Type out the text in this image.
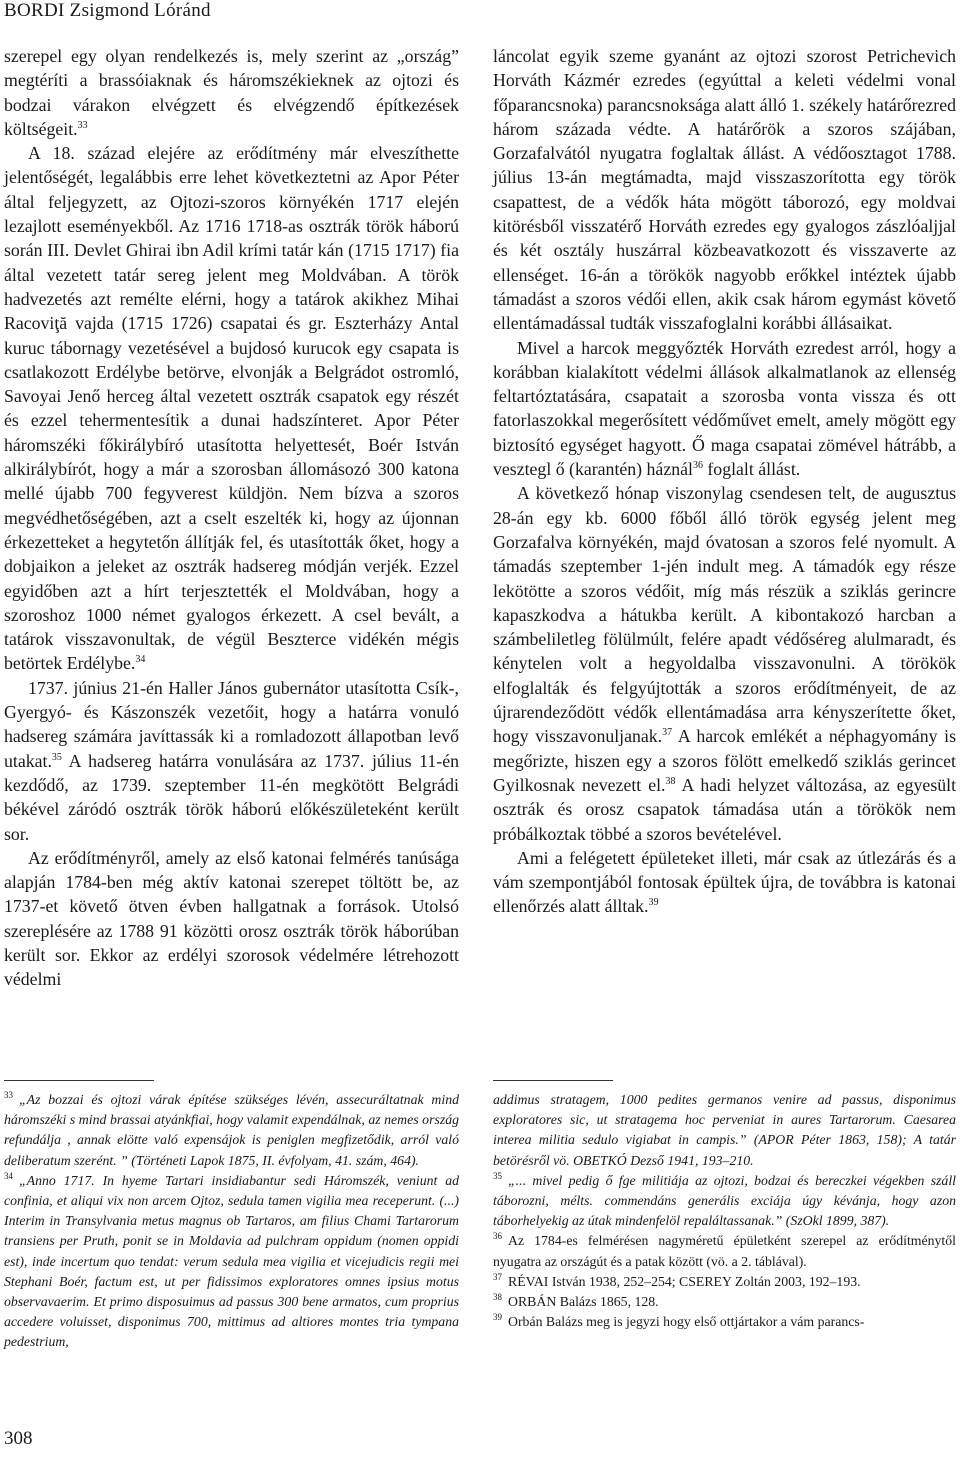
BORDI Zsigmond Lóránd

szerepel egy olyan rendelkezés is, mely szerint az „ország” megtéríti a brassóiaknak és háromszékieknek az ojtozi és bodzai várakon elvégzett és elvégzendő építkezések költségeit.$^{33}$

A 18. század elejére az erődítmény már elveszíthette jelentőségét, legalábbis erre lehet következtetni az Apor Péter által feljegyzett, az Ojtozi-szoros környékén 1717 elején lezajlott eseményekből. Az 1716 1718-as osztrák török háború során III. Devlet Ghirai ibn Adil krími tatár kán (1715 1717) fia által vezetett tatár sereg jelent meg Moldvában. A török hadvezetés azt remélte elérni, hogy a tatárok akikhez Mihai Racoviţă vajda (1715 1726) csapatai és gr. Eszterházy Antal kuruc tábornagy vezetésével a bujdosó kurucok egy csapata is csatlakozott Erdélybe betörve, elvonják a Belgrádot ostromló, Savoyai Jenő herceg által vezetett osztrák csapatok egy részét és ezzel tehermentesítik a dunai hadszínteret. Apor Péter háromszéki főkirálybíró utasította helyettesét, Boér István alkirálybírót, hogy a már a szorosban állomásozó 300 katona mellé újabb 700 fegyverest küldjön. Nem bízva a szoros megvédhetőségében, azt a cselt eszelték ki, hogy az újonnan érkezetteket a hegytetőn állítják fel, és utasították őket, hogy a dobjaikon a jeleket az osztrák hadsereg módján verjék. Ezzel egyidőben azt a hírt terjesztették el Moldvában, hogy a szoroshoz 1000 német gyalogos érkezett. A csel bevált, a tatárok visszavonultak, de végül Beszterce vidékén mégis betörtek Erdélybe.$^{34}$

1737. június 21-én Haller János gubernátor utasította Csík-, Gyergyó- és Kászonszék vezetőit, hogy a határra vonuló hadsereg számára javíttassák ki a romladozott állapotban levő utakat.$^{35}$ A hadsereg határra vonulására az 1737. július 11-én kezdődő, az 1739. szeptember 11-én megkötött Belgrádi békével záródó osztrák török háború előkészületeként került sor.

Az erődítményről, amely az első katonai felmérés tanúsága alapján 1784-ben még aktív katonai szerepet töltött be, az 1737-et követő ötven évben hallgatnak a források. Utolsó szereplésére az 1788 91 közötti orosz osztrák török háborúban került sor. Ekkor az erdélyi szorosok védelmére létrehozott védelmi

láncolat egyik szeme gyanánt az ojtozi szorost Petrichevich Horváth Kázmér ezredes (egyúttal a keleti védelmi vonal főparancsnoka) parancsnoksága alatt álló 1. székely határőrezred három százada védte. A határőrök a szoros szájában, Gorzafalvától nyugatra foglaltak állást. A védőosztagot 1788. július 13-án megtámadta, majd visszaszorította egy török csapattest, de a védők háta mögött táborozó, egy moldvai kitörésből visszatérő Horváth ezredes egy gyalogos zászlóaljjal és két osztály huszárral közbeavatkozott és visszaverte az ellenséget. 16-án a törökök nagyobb erőkkel intéztek újabb támadást a szoros védői ellen, akik csak három egymást követő ellentámadással tudták visszafoglalni korábbi állásaikat.

Mivel a harcok meggyőzték Horváth ezredest arról, hogy a korábban kialakított védelmi állások alkalmatlanok az ellenség feltartóztatására, csapatait a szorosba vonta vissza és ott fatorlaszokkal megerősített védőművet emelt, amely mögött egy biztosító egységet hagyott. Ő maga csapatai zömével hátrább, a vesztegl ő (karantén) háznál$^{36}$ foglalt állást.

A következő hónap viszonylag csendesen telt, de augusztus 28-án egy kb. 6000 főből álló török egység jelent meg Gorzafalva környékén, majd óvatosan a szoros felé nyomult. A támadás szeptember 1-jén indult meg. A támadók egy része lekötötte a szoros védőit, míg más részük a sziklás gerincre kapaszkodva a hátukba került. A kibontakozó harcban a számbeliletleg fölülmúlt, felére apadt védőséreg alulmaradt, és kénytelen volt a hegyoldalba visszavonulni. A törökök elfoglalták és felgyújtották a szoros erődítményeit, de az újrarendeződött védők ellentámadása arra kényszerítette őket, hogy visszavonuljanak.$^{37}$ A harcok emlékét a néphagyomány is megőrizte, hiszen egy a szoros fölött emelkedő sziklás gerincet Gyilkosnak nevezett el.$^{38}$ A hadi helyzet változása, az egyesült osztrák és orosz csapatok támadása után a törökök nem próbálkoztak többé a szoros bevételével.

Ami a felégetett épületeket illeti, már csak az útlezárás és a vám szempontjából fontosak épültek újra, de továbbra is katonai ellenőrzés alatt álltak.$^{39}$

$^{33}$ „Az bozzai és ojtozi várak építése szükséges lévén, assecuráltatnak mind háromszéki s mind brassai atyánkfiai, hogy valamit expendálnak, az nemes ország refundálja , annak elötte való expensájok is peniglen megfizetődik, arról való deliberatum szerént. ” (Történeti Lapok 1875, II. évfolyam, 41. szám, 464).

$^{34}$ „Anno 1717. In hyeme Tartari insidiabantur sedi Háromszék, veniunt ad confinia, et aliqui vix non arcem Ojtoz, sedula tamen vigilia mea receperunt. (...) Interim in Transylvania metus magnus ob Tartaros, am filius Chami Tartarorum transiens per Pruth, ponit se in Moldavia ad pulchram oppidum (nomen oppidi est), inde incertum quo tendat: verum sedula mea vigilia et vicejudicis regii mei Stephani Boér, factum est, ut per fidissimos exploratores omnes ipsius motus observavaerim. Et primo disposuimus ad passus 300 bene armatos, cum proprius accedere voluisset, disponimus 700, mittimus ad altiores montes tria tympana pedestrium,

addimus stratagem, 1000 pedites germanos venire ad passus, disponimus exploratores sic, ut stratagema hoc perveniat in aures Tartarorum. Caesarea interea militia sedulo vigiabat in campis.” (APOR Péter 1863, 158); A tatár betörésről vö. OBETKÓ Dezső 1941, 193–210.

$^{35}$ „... mivel pedig ő fge militiája az ojtozi, bodzai és bereczkei végekben száll táborozni, mélts. commendáns generális exciája úgy kévánja, hogy azon táborhelyekig az útak mindenfelöl repaláltassanak.” (SzOkl 1899, 387).

$^{36}$ Az 1784-es felmérésen nagyméretű épületként szerepel az erődítménytől nyugatra az országút és a patak között (vö. a 2. táblával).

$^{37}$ RÉVAI István 1938, 252–254; CSEREY Zoltán 2003, 192–193.

$^{38}$ ORBÁN Balázs 1865, 128.

$^{39}$ Orbán Balázs meg is jegyzi hogy első ottjártakor a vám parancs-

308
